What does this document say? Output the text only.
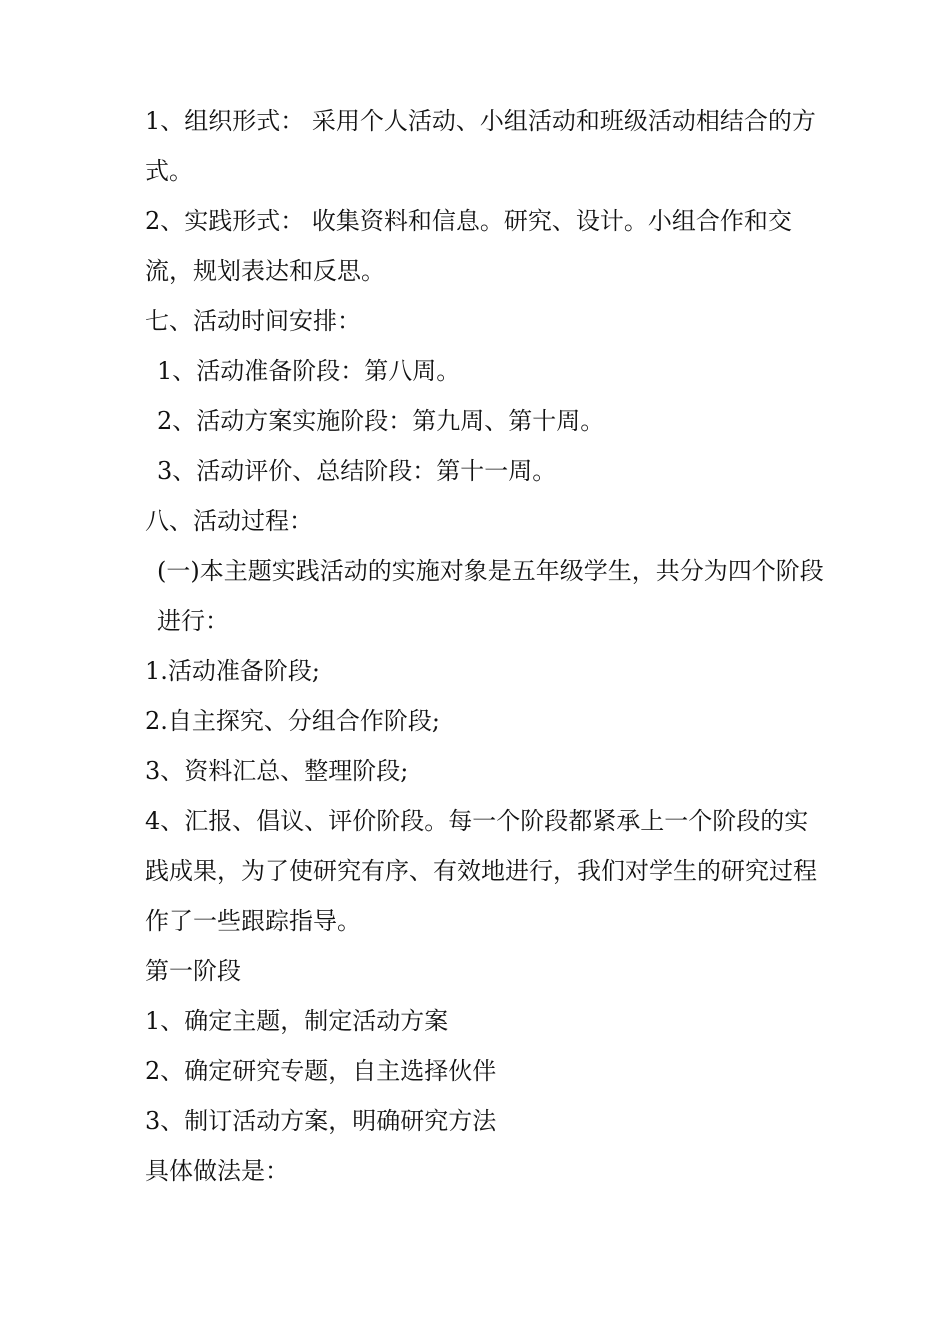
1、组织形式： 采用个人活动、小组活动和班级活动相结合的方式。

2、实践形式： 收集资料和信息。研究、设计。小组合作和交流，规划表达和反思。

七、活动时间安排：

1、活动准备阶段：第八周。

2、活动方案实施阶段：第九周、第十周。

3、活动评价、总结阶段：第十一周。

八、活动过程：

(一)本主题实践活动的实施对象是五年级学生，共分为四个阶段进行：

1.活动准备阶段;

2.自主探究、分组合作阶段;

3、资料汇总、整理阶段;

4、汇报、倡议、评价阶段。每一个阶段都紧承上一个阶段的实践成果，为了使研究有序、有效地进行，我们对学生的研究过程作了一些跟踪指导。

第一阶段

1、确定主题，制定活动方案

2、确定研究专题，自主选择伙伴

3、制订活动方案，明确研究方法

具体做法是：
